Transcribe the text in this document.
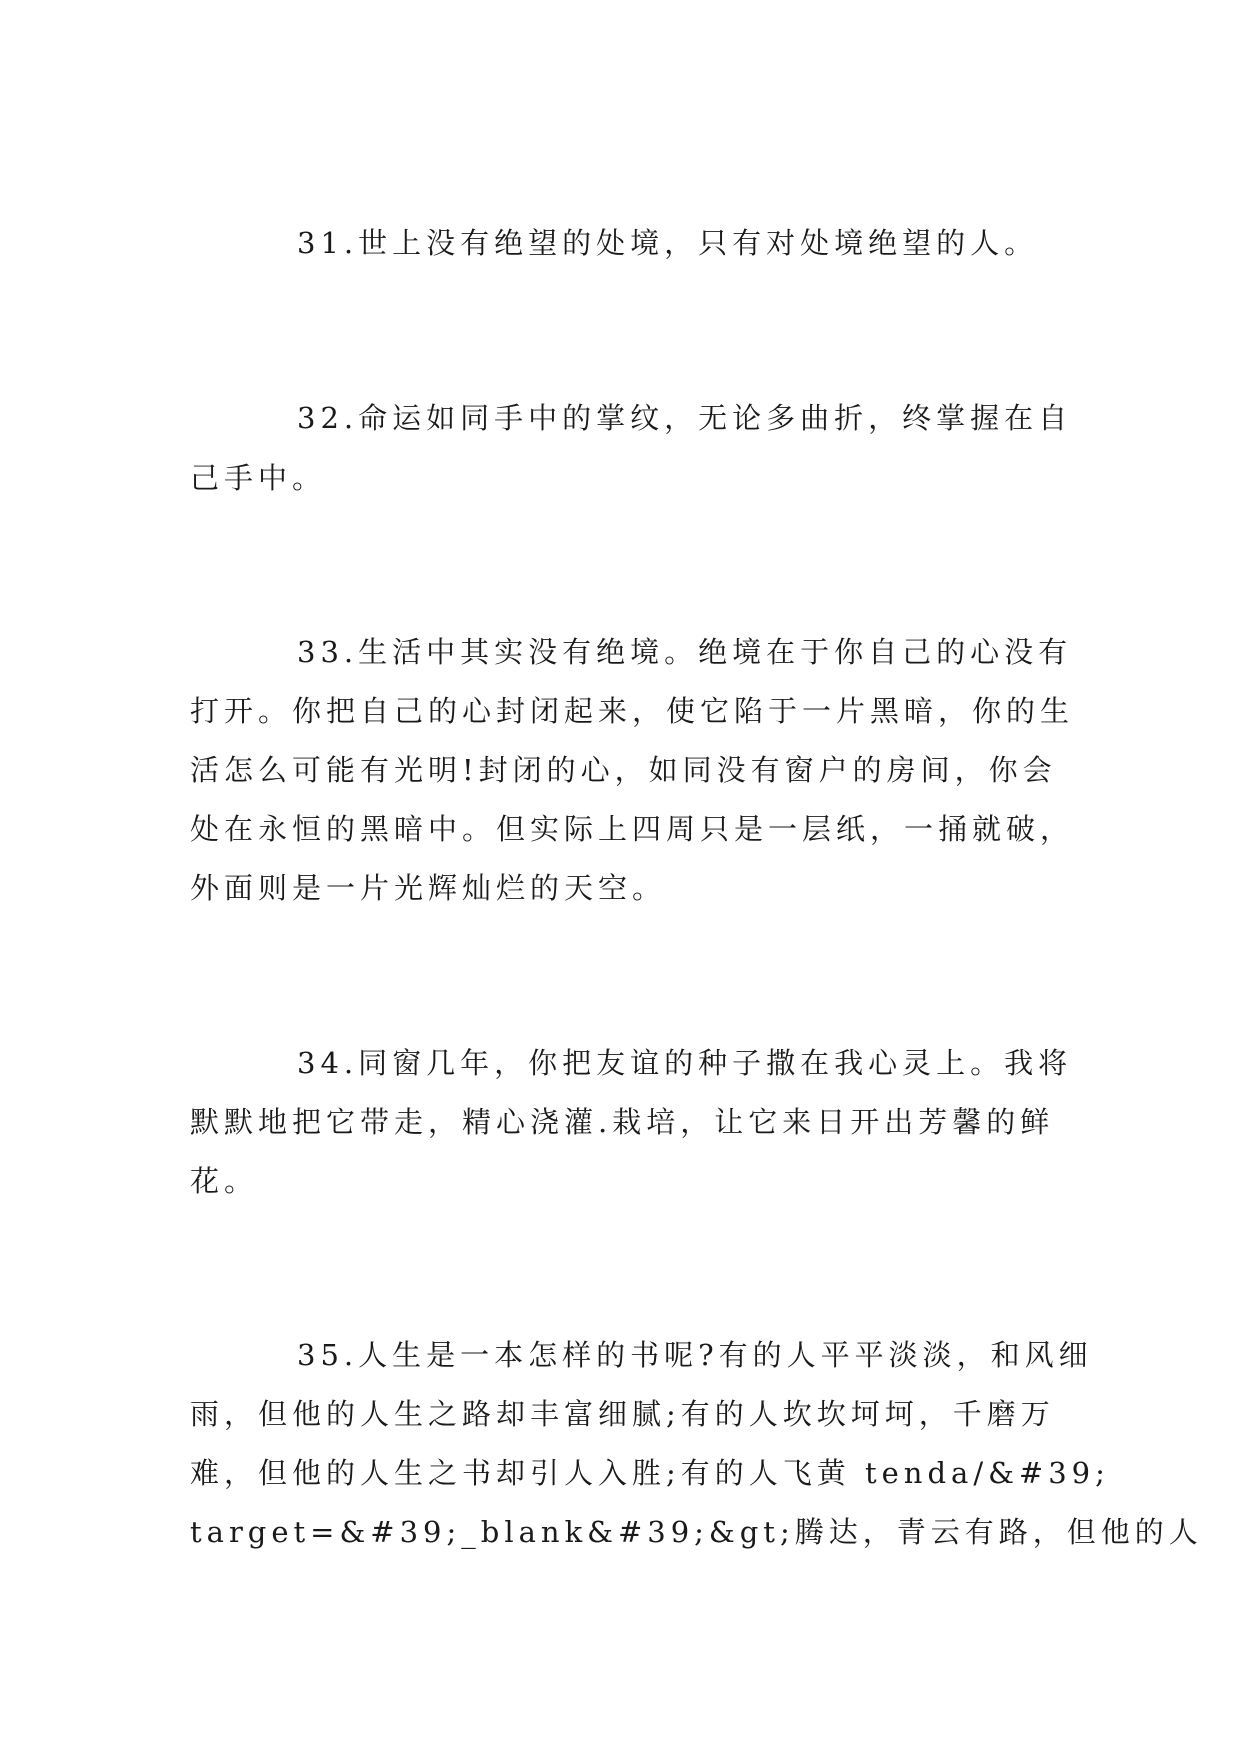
31.世上没有绝望的处境，只有对处境绝望的人。
32.命运如同手中的掌纹，无论多曲折，终掌握在自
己手中。
33.生活中其实没有绝境。绝境在于你自己的心没有
打开。你把自己的心封闭起来，使它陷于一片黑暗，你的生
活怎么可能有光明!封闭的心，如同没有窗户的房间，你会
处在永恒的黑暗中。但实际上四周只是一层纸，一捅就破，
外面则是一片光辉灿烂的天空。
34.同窗几年，你把友谊的种子撒在我心灵上。我将
默默地把它带走，精心浇灌.栽培，让它来日开出芳馨的鲜
花。
35.人生是一本怎样的书呢?有的人平平淡淡，和风细
雨，但他的人生之路却丰富细腻;有的人坎坎坷坷，千磨万
难，但他的人生之书却引人入胜;有的人飞黄 tenda/&#39;
target=&#39;_blank&#39;&gt;腾达，青云有路，但他的人
